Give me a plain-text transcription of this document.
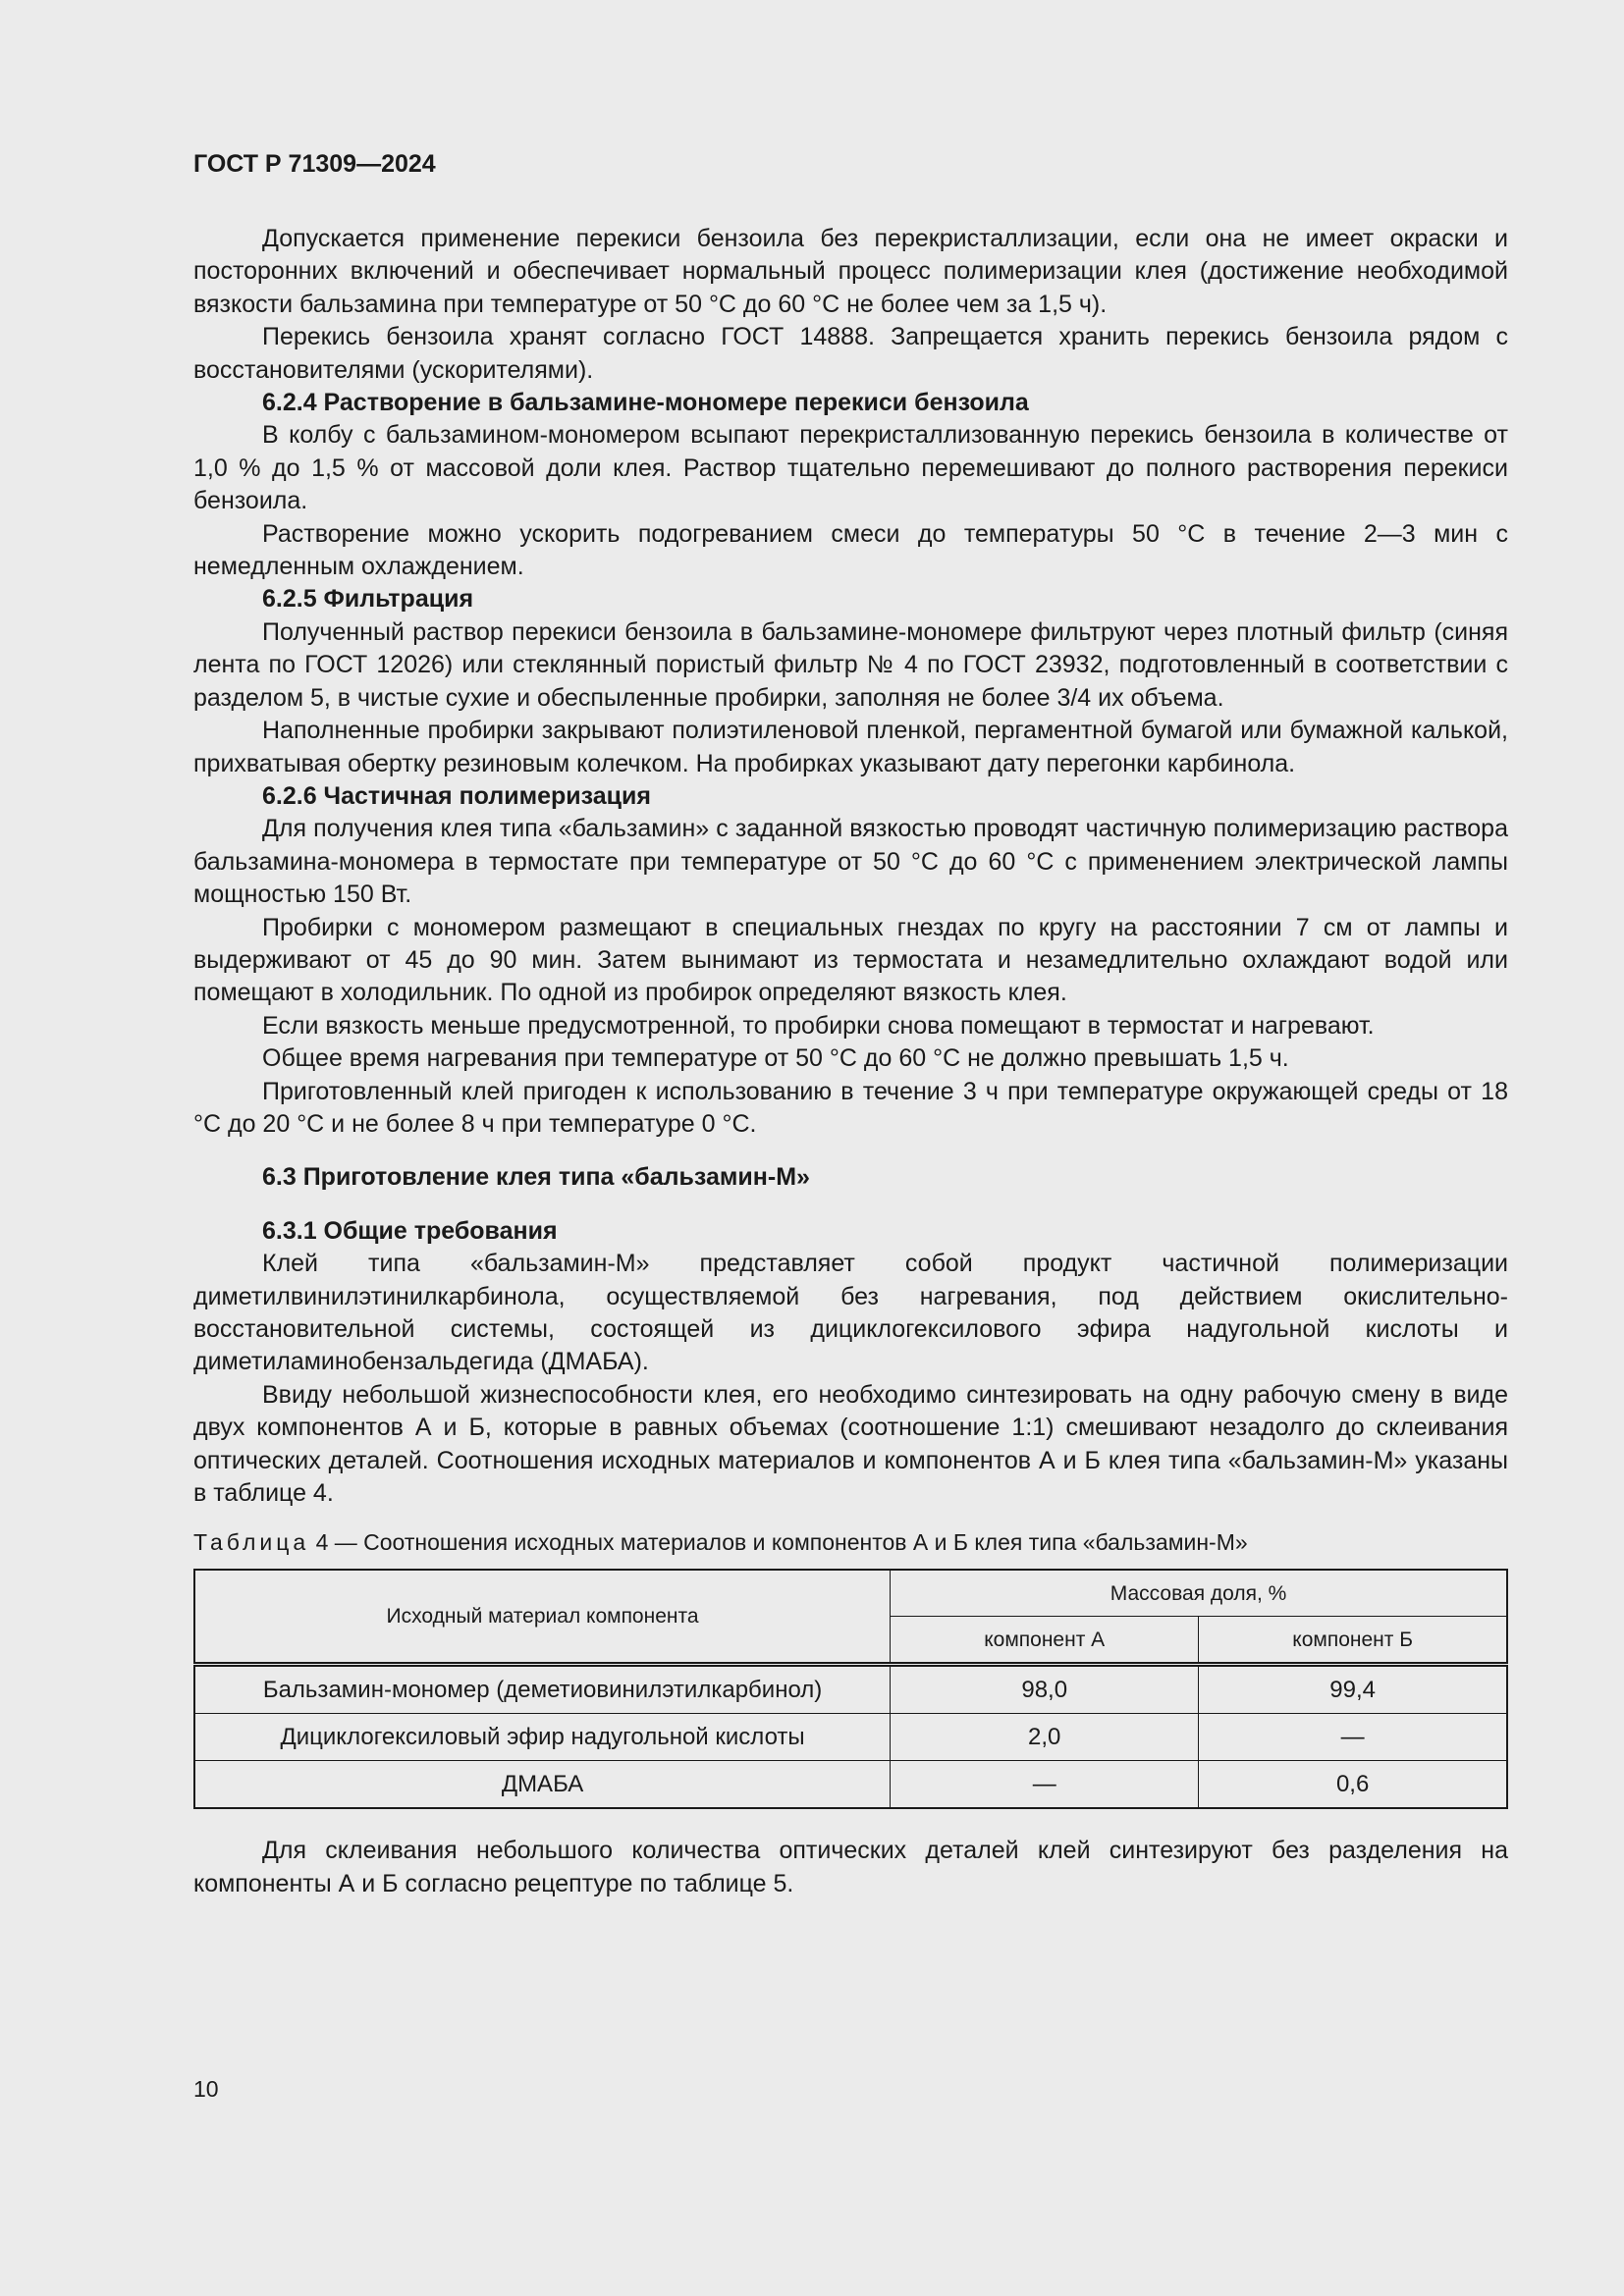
ГОСТ Р 71309—2024

Допускается применение перекиси бензоила без перекристаллизации, если она не имеет окраски и посторонних включений и обеспечивает нормальный процесс полимеризации клея (достижение необходимой вязкости бальзамина при температуре от 50 °С до 60 °С не более чем за 1,5 ч).

Перекись бензоила хранят согласно ГОСТ 14888. Запрещается хранить перекись бензоила рядом с восстановителями (ускорителями).

6.2.4 Растворение в бальзамине-мономере перекиси бензоила

В колбу с бальзамином-мономером всыпают перекристаллизованную перекись бензоила в количестве от 1,0 % до 1,5 % от массовой доли клея. Раствор тщательно перемешивают до полного растворения перекиси бензоила.

Растворение можно ускорить подогреванием смеси до температуры 50 °С в течение 2—3 мин с немедленным охлаждением.

6.2.5 Фильтрация

Полученный раствор перекиси бензоила в бальзамине-мономере фильтруют через плотный фильтр (синяя лента по ГОСТ 12026) или стеклянный пористый фильтр № 4 по ГОСТ 23932, подготовленный в соответствии с разделом 5, в чистые сухие и обеспыленные пробирки, заполняя не более 3/4 их объема.

Наполненные пробирки закрывают полиэтиленовой пленкой, пергаментной бумагой или бумажной калькой, прихватывая обертку резиновым колечком. На пробирках указывают дату перегонки карбинола.

6.2.6 Частичная полимеризация

Для получения клея типа «бальзамин» с заданной вязкостью проводят частичную полимеризацию раствора бальзамина-мономера в термостате при температуре от 50 °С до 60 °С с применением электрической лампы мощностью 150 Вт.

Пробирки с мономером размещают в специальных гнездах по кругу на расстоянии 7 см от лампы и выдерживают от 45 до 90 мин. Затем вынимают из термостата и незамедлительно охлаждают водой или помещают в холодильник. По одной из пробирок определяют вязкость клея.

Если вязкость меньше предусмотренной, то пробирки снова помещают в термостат и нагревают.

Общее время нагревания при температуре от 50 °С до 60 °С не должно превышать 1,5 ч.

Приготовленный клей пригоден к использованию в течение 3 ч при температуре окружающей среды от 18 °С до 20 °С и не более 8 ч при температуре 0 °С.

6.3 Приготовление клея типа «бальзамин-М»

6.3.1 Общие требования

Клей типа «бальзамин-М» представляет собой продукт частичной полимеризации диметилвинилэтинилкарбинола, осуществляемой без нагревания, под действием окислительно-восстановительной системы, состоящей из дициклогексилового эфира надугольной кислоты и диметиламинобензальдегида (ДМАБА).

Ввиду небольшой жизнеспособности клея, его необходимо синтезировать на одну рабочую смену в виде двух компонентов А и Б, которые в равных объемах (соотношение 1:1) смешивают незадолго до склеивания оптических деталей. Соотношения исходных материалов и компонентов А и Б клея типа «бальзамин-М» указаны в таблице 4.

Таблица 4 — Соотношения исходных материалов и компонентов А и Б клея типа «бальзамин-М»
Исходный материал компонента	Массовая доля, %	
	компонент А	компонент Б
Бальзамин-мономер (деметиовинилэтилкарбинол)	98,0	99,4
Дициклогексиловый эфир надугольной кислоты	2,0	—
ДМАБА	—	0,6

Для склеивания небольшого количества оптических деталей клей синтезируют без разделения на компоненты А и Б согласно рецептуре по таблице 5.

10
